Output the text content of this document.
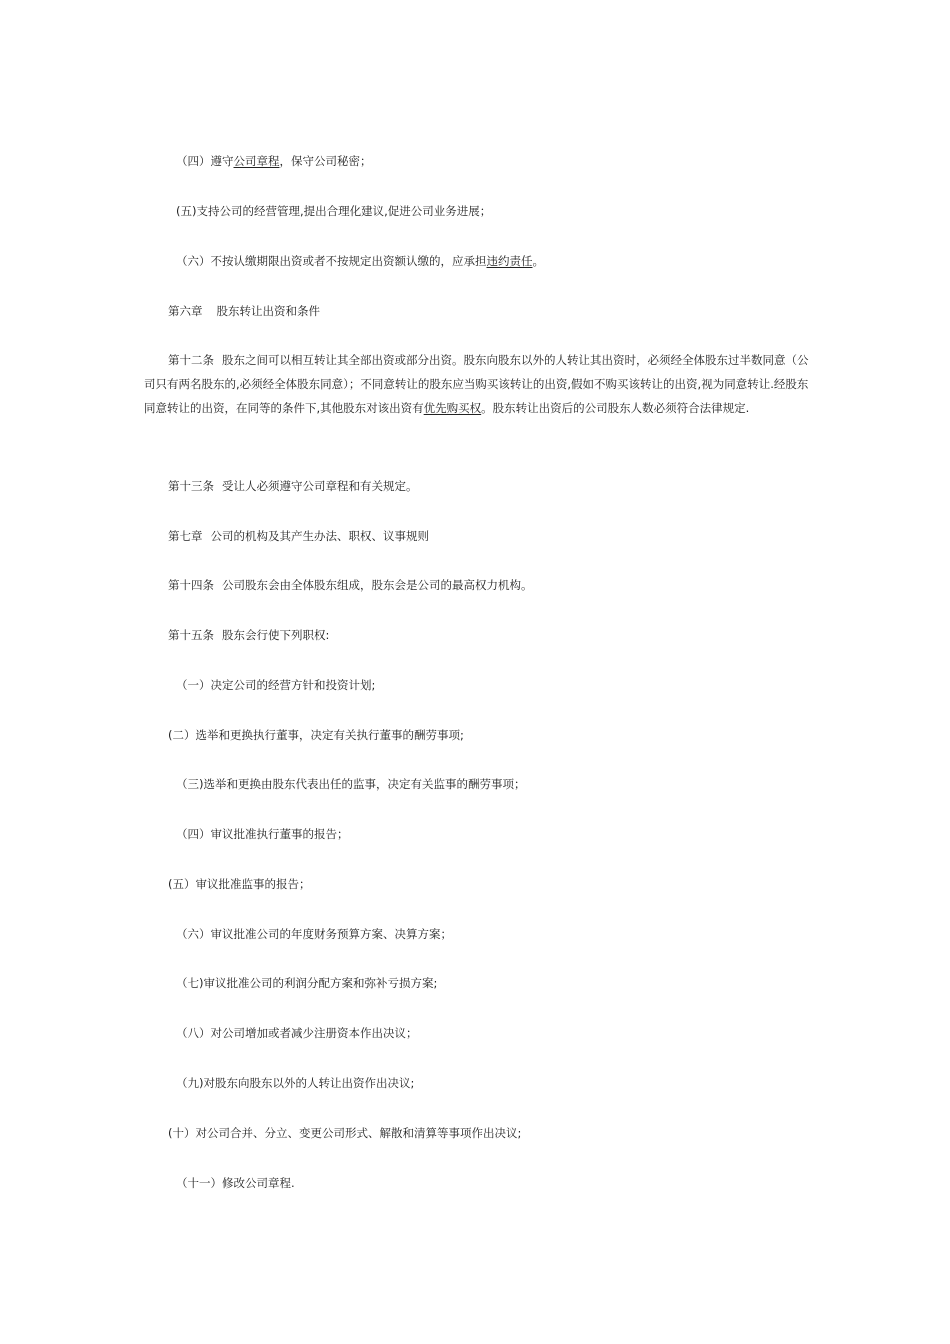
（四）遵守公司章程，保守公司秘密；
(五)支持公司的经营管理,提出合理化建议,促进公司业务进展；
（六）不按认缴期限出资或者不按规定出资额认缴的，应承担违约责任。
第六章 股东转让出资和条件
第十二条 股东之间可以相互转让其全部出资或部分出资。股东向股东以外的人转让其出资时，必须经全体股东过半数同意（公司只有两名股东的,必须经全体股东同意）；不同意转让的股东应当购买该转让的出资,假如不购买该转让的出资,视为同意转让.经股东同意转让的出资，在同等的条件下,其他股东对该出资有优先购买权。股东转让出资后的公司股东人数必须符合法律规定.
第十三条 受让人必须遵守公司章程和有关规定。
第七章 公司的机构及其产生办法、职权、议事规则
第十四条 公司股东会由全体股东组成，股东会是公司的最高权力机构。
第十五条 股东会行使下列职权:
（一）决定公司的经营方针和投资计划;
(二）选举和更换执行董事，决定有关执行董事的酬劳事项;
（三)选举和更换由股东代表出任的监事，决定有关监事的酬劳事项；
（四）审议批准执行董事的报告；
(五）审议批准监事的报告；
（六）审议批准公司的年度财务预算方案、决算方案；
（七)审议批准公司的利润分配方案和弥补亏损方案;
（八）对公司增加或者减少注册资本作出决议；
（九)对股东向股东以外的人转让出资作出决议;
(十）对公司合并、分立、变更公司形式、解散和清算等事项作出决议;
（十一）修改公司章程.
